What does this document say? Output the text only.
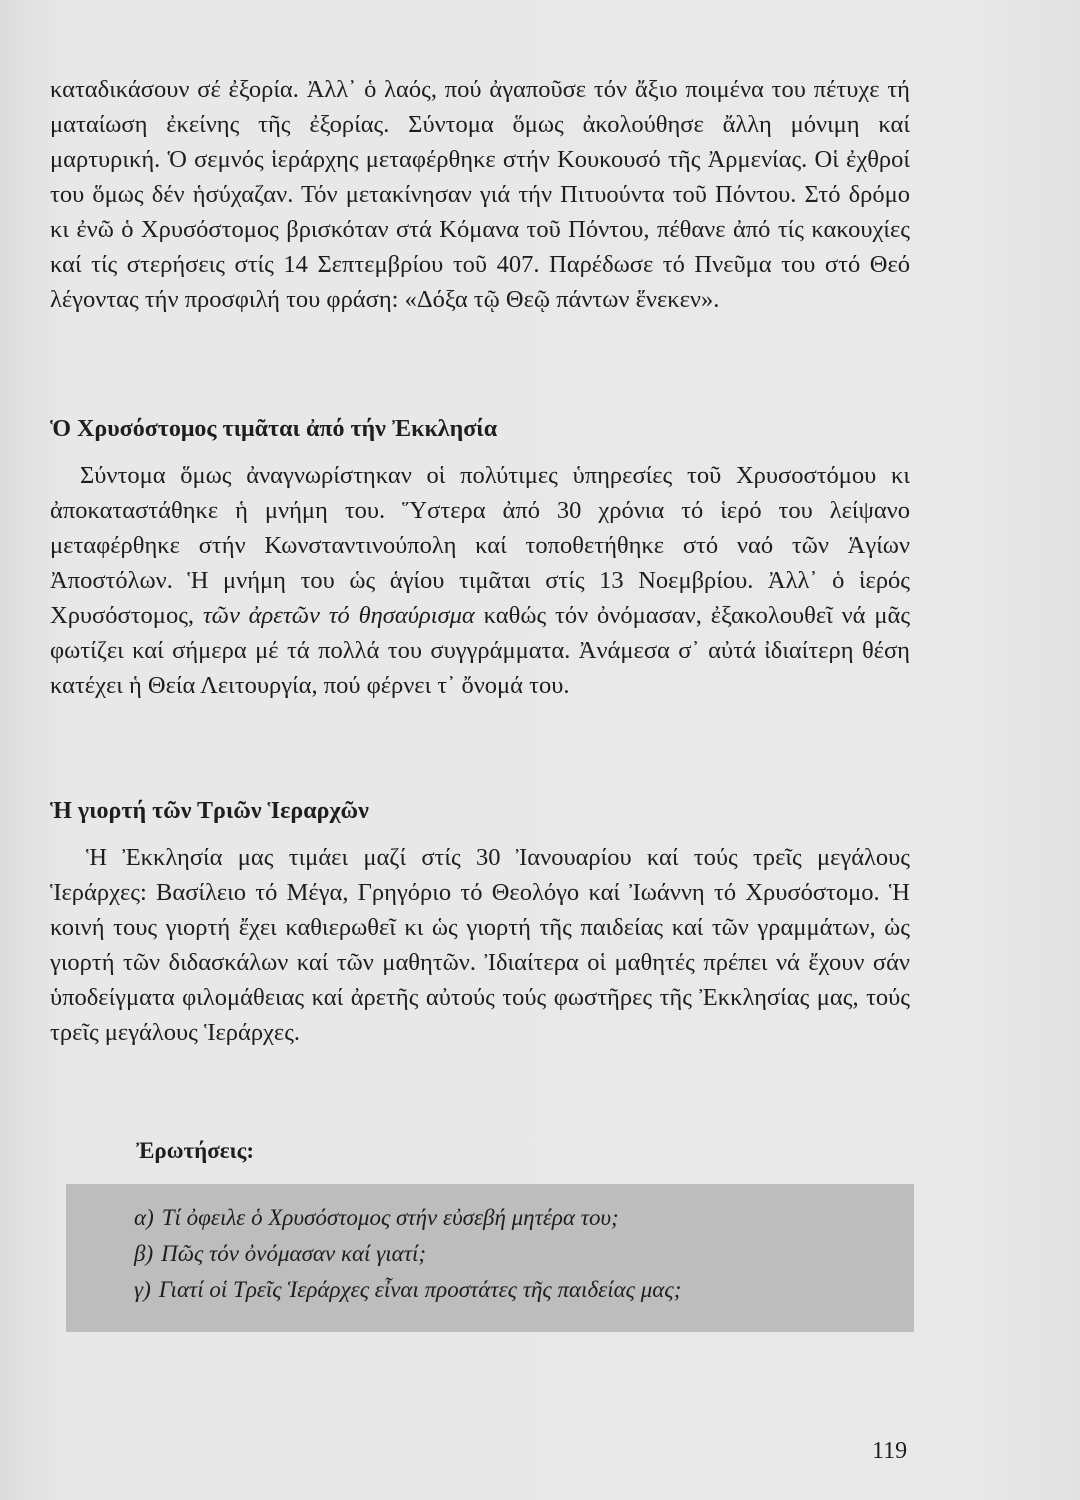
καταδικάσουν σέ ἐξορία. Ἀλλ᾽ ὁ λαός, πού ἀγαποῦσε τόν ἄξιο ποιμένα του πέτυχε τή ματαίωση ἐκείνης τῆς ἐξορίας. Σύντομα ὅμως ἀκολούθησε ἄλλη μόνιμη καί μαρτυρική. Ὁ σεμνός ἱεράρχης μεταφέρθηκε στήν Κουκουσό τῆς Ἀρμενίας. Οἱ ἐχθροί του ὅμως δέν ἡσύχαζαν. Τόν μετακίνησαν γιά τήν Πιτυούντα τοῦ Πόντου. Στό δρόμο κι ἐνῶ ὁ Χρυσόστομος βρισκόταν στά Κόμανα τοῦ Πόντου, πέθανε ἀπό τίς κακουχίες καί τίς στερήσεις στίς 14 Σεπτεμβρίου τοῦ 407. Παρέδωσε τό Πνεῦμα του στό Θεό λέγοντας τήν προσφιλή του φράση: «Δόξα τῷ Θεῷ πάντων ἕνεκεν».

Ὁ Χρυσόστομος τιμᾶται ἀπό τήν Ἐκκλησία

Σύντομα ὅμως ἀναγνωρίστηκαν οἱ πολύτιμες ὑπηρεσίες τοῦ Χρυσοστόμου κι ἀποκαταστάθηκε ἡ μνήμη του. Ὕστερα ἀπό 30 χρόνια τό ἱερό του λείψανο μεταφέρθηκε στήν Κωνσταντινούπολη καί τοποθετήθηκε στό ναό τῶν Ἁγίων Ἀποστόλων. Ἡ μνήμη του ὡς ἁγίου τιμᾶται στίς 13 Νοεμβρίου. Ἀλλ᾽ ὁ ἱερός Χρυσόστομος, τῶν ἀρετῶν τό θησαύρισμα καθώς τόν ὀνόμασαν, ἐξακολουθεῖ νά μᾶς φωτίζει καί σήμερα μέ τά πολλά του συγγράμματα. Ἀνάμεσα σ᾽ αὐτά ἰδιαίτερη θέση κατέχει ἡ Θεία Λειτουργία, πού φέρνει τ᾽ ὄνομά του.

Ἡ γιορτή τῶν Τριῶν Ἱεραρχῶν

Ἡ Ἐκκλησία μας τιμάει μαζί στίς 30 Ἰανουαρίου καί τούς τρεῖς μεγάλους Ἱεράρχες: Βασίλειο τό Μέγα, Γρηγόριο τό Θεολόγο καί Ἰωάννη τό Χρυσόστομο. Ἡ κοινή τους γιορτή ἔχει καθιερωθεῖ κι ὡς γιορτή τῆς παιδείας καί τῶν γραμμάτων, ὡς γιορτή τῶν διδασκάλων καί τῶν μαθητῶν. Ἰδιαίτερα οἱ μαθητές πρέπει νά ἔχουν σάν ὑποδείγματα φιλομάθειας καί ἀρετῆς αὐτούς τούς φωστῆρες τῆς Ἐκκλησίας μας, τούς τρεῖς μεγάλους Ἱεράρχες.

Ἐρωτήσεις:
α) Τί ὀφειλε ὁ Χρυσόστομος στήν εὐσεβή μητέρα του;
β) Πῶς τόν ὀνόμασαν καί γιατί;
γ) Γιατί οἱ Τρεῖς Ἱεράρχες εἶναι προστάτες τῆς παιδείας μας;
119
